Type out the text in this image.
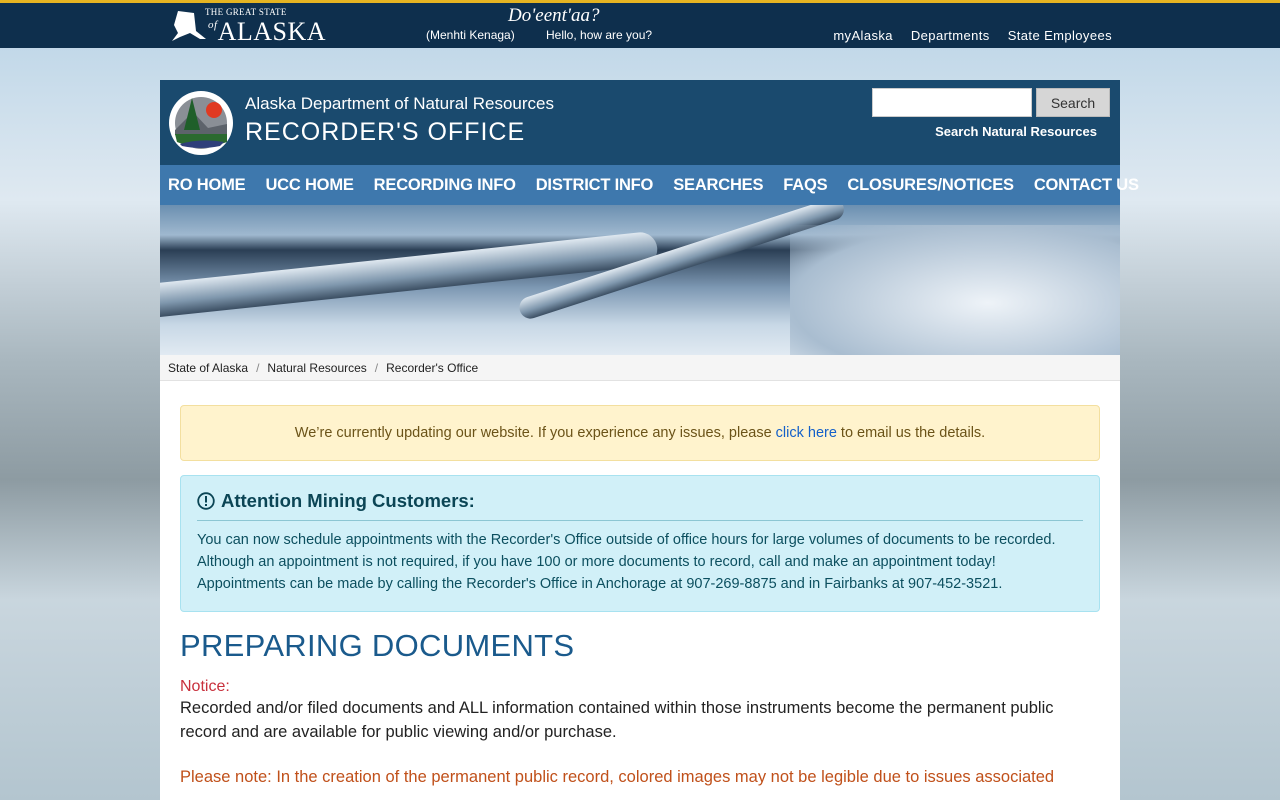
THE GREAT STATE
ofALASKA
Do'eent'aa?
(Menhti Kenaga)	Hello, how are you?	myAlaska Departments State Employees
Alaska Department of Natural Resources
RECORDER'S OFFICE
Search
Search Natural Resources
RO HOME UCC HOME RECORDING INFO DISTRICT INFO SEARCHES FAQS CLOSURES/NOTICES CONTACT US
State of Alaska / Natural Resources / Recorder's Office
We’re currently updating our website. If you experience any issues, please click here to email us the details.
Attention Mining Customers:

You can now schedule appointments with the Recorder's Office outside of office hours for large volumes of documents to be recorded. Although an appointment is not required, if you have 100 or more documents to record, call and make an appointment today! Appointments can be made by calling the Recorder's Office in Anchorage at 907-269-8875 and in Fairbanks at 907-452-3521.

PREPARING DOCUMENTS
Notice:
Recorded and/or filed documents and ALL information contained within those instruments become the permanent public record and are available for public viewing and/or purchase.
Please note: In the creation of the permanent public record, colored images may not be legible due to issues associated
